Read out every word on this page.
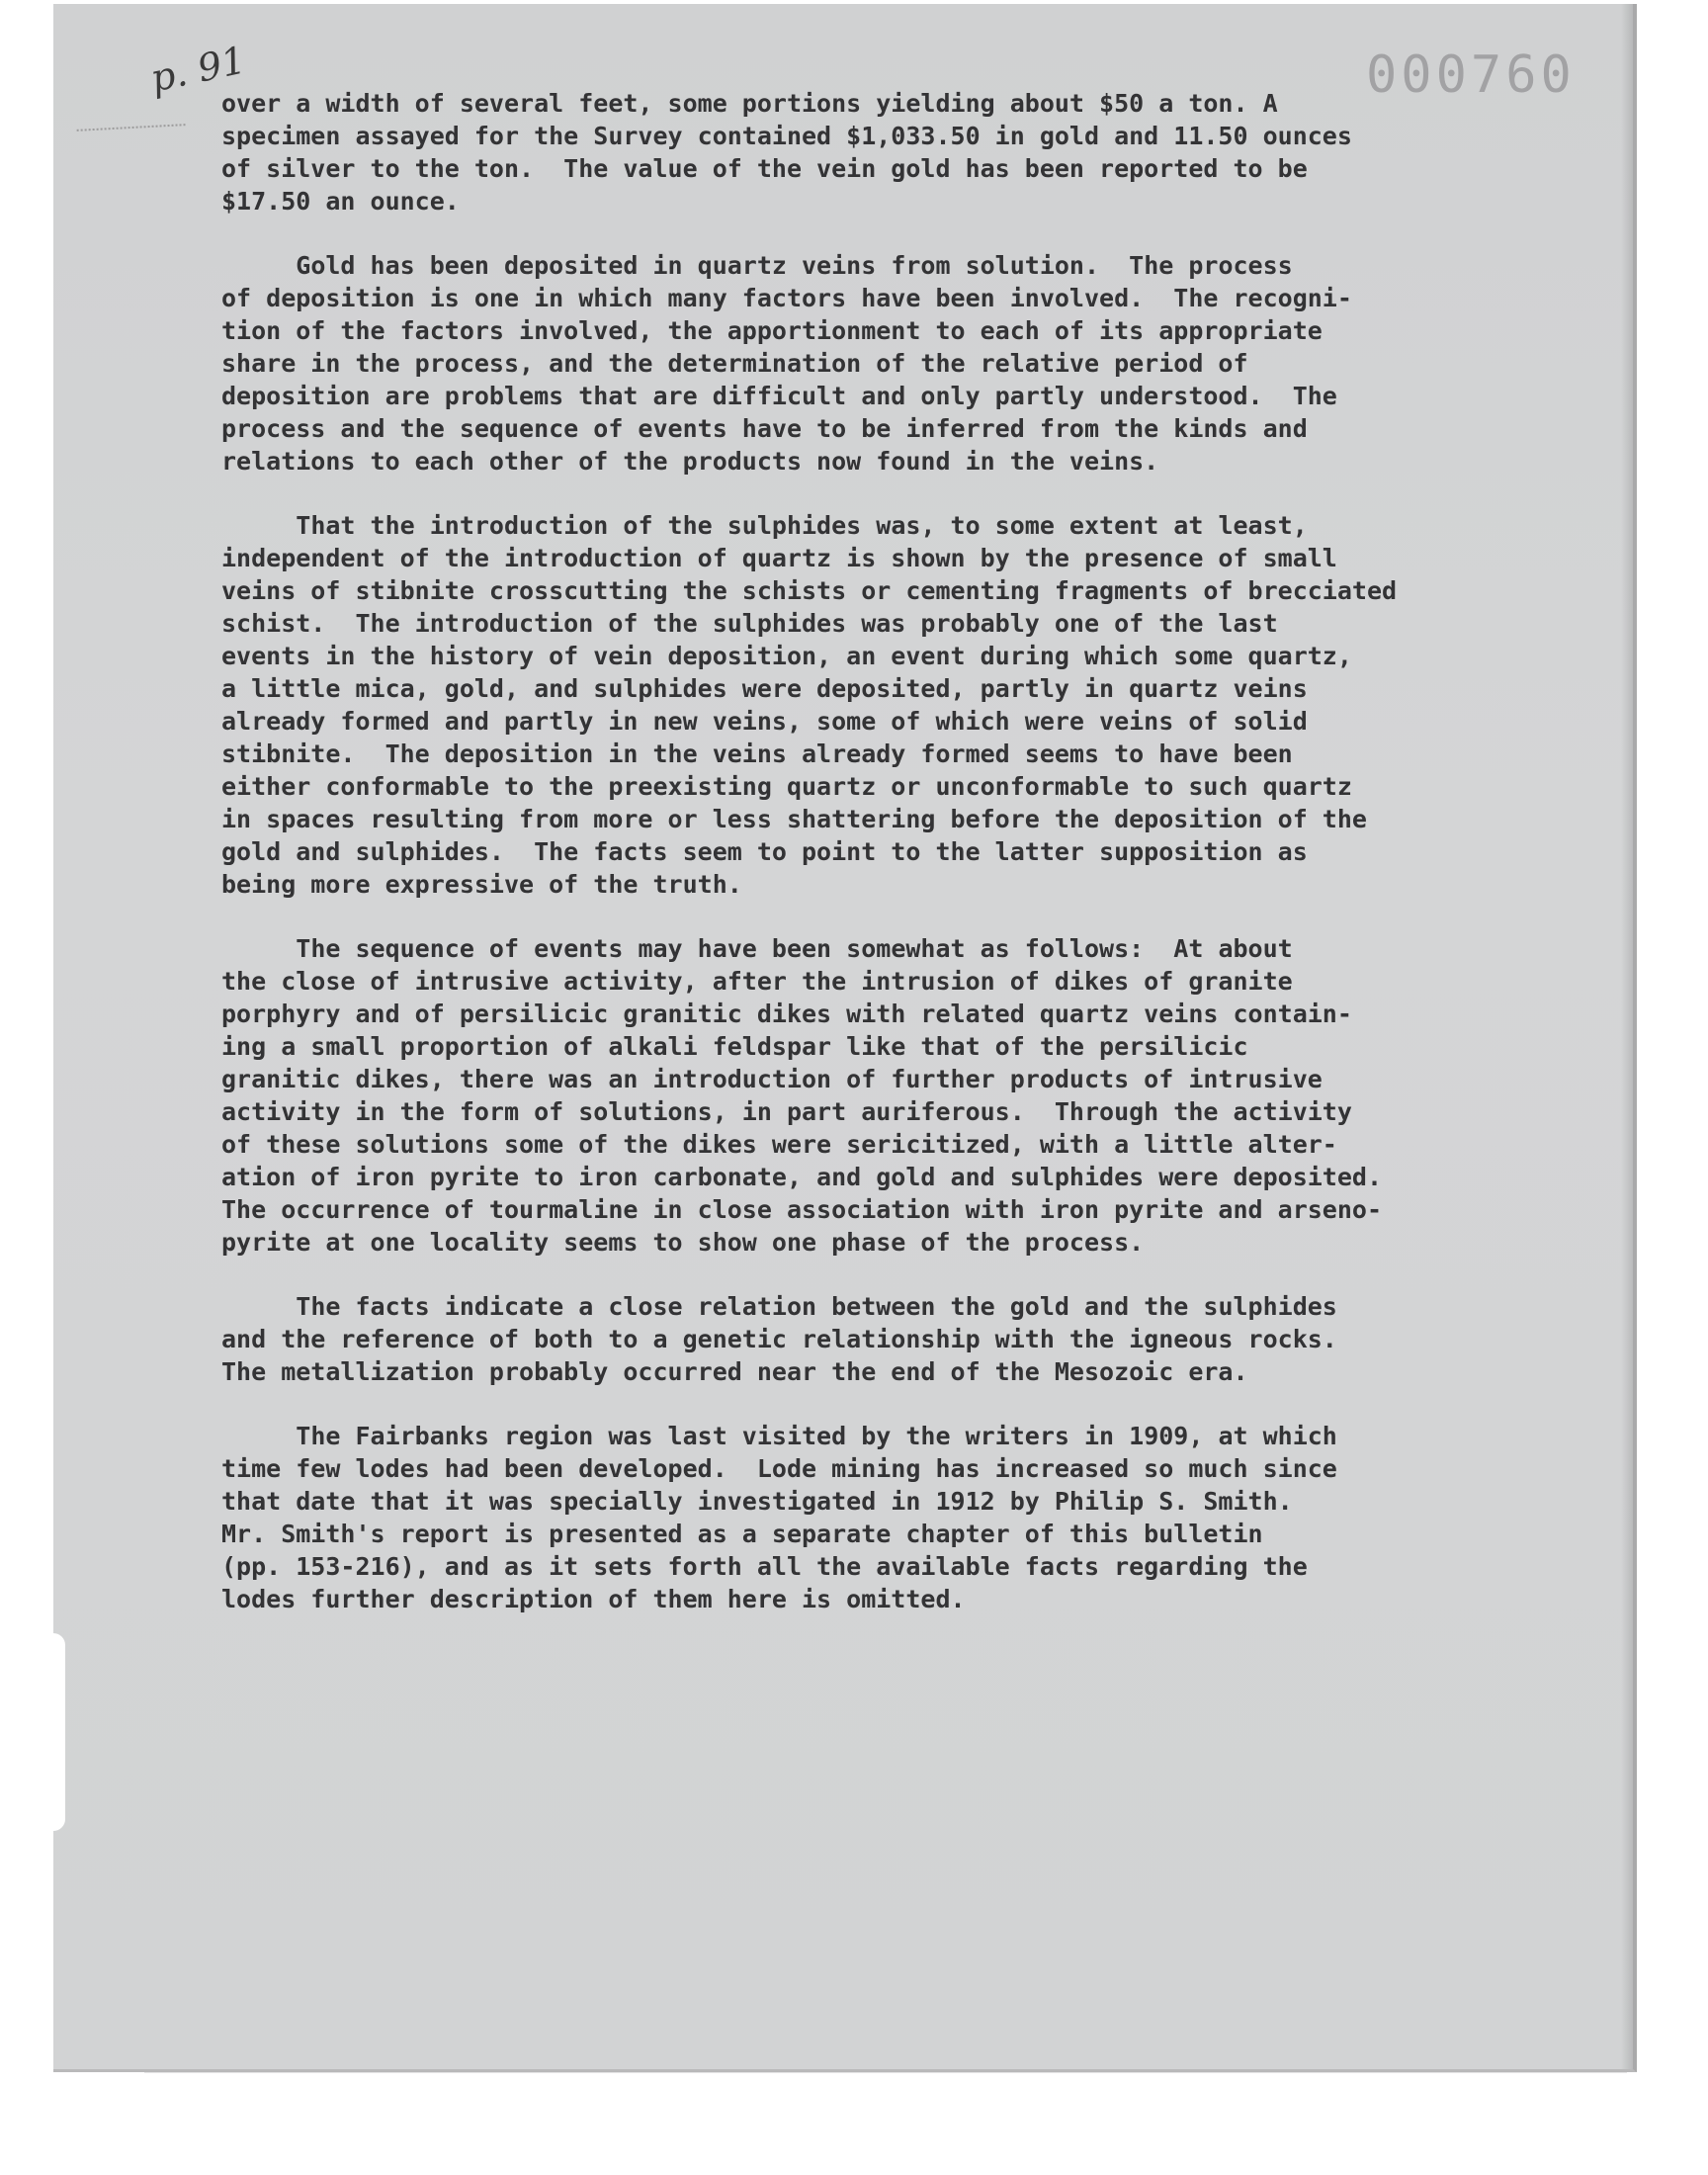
p. 91	000760

over a width of several feet, some portions yielding about $50 a ton. A
specimen assayed for the Survey contained $1,033.50 in gold and 11.50 ounces
of silver to the ton.  The value of the vein gold has been reported to be
$17.50 an ounce.

Gold has been deposited in quartz veins from solution.  The process
of deposition is one in which many factors have been involved.  The recogni-
tion of the factors involved, the apportionment to each of its appropriate
share in the process, and the determination of the relative period of
deposition are problems that are difficult and only partly understood.  The
process and the sequence of events have to be inferred from the kinds and
relations to each other of the products now found in the veins.

That the introduction of the sulphides was, to some extent at least,
independent of the introduction of quartz is shown by the presence of small
veins of stibnite crosscutting the schists or cementing fragments of brecciated
schist.  The introduction of the sulphides was probably one of the last
events in the history of vein deposition, an event during which some quartz,
a little mica, gold, and sulphides were deposited, partly in quartz veins
already formed and partly in new veins, some of which were veins of solid
stibnite.  The deposition in the veins already formed seems to have been
either conformable to the preexisting quartz or unconformable to such quartz
in spaces resulting from more or less shattering before the deposition of the
gold and sulphides.  The facts seem to point to the latter supposition as
being more expressive of the truth.

The sequence of events may have been somewhat as follows:  At about
the close of intrusive activity, after the intrusion of dikes of granite
porphyry and of persilicic granitic dikes with related quartz veins contain-
ing a small proportion of alkali feldspar like that of the persilicic
granitic dikes, there was an introduction of further products of intrusive
activity in the form of solutions, in part auriferous.  Through the activity
of these solutions some of the dikes were sericitized, with a little alter-
ation of iron pyrite to iron carbonate, and gold and sulphides were deposited.
The occurrence of tourmaline in close association with iron pyrite and arseno-
pyrite at one locality seems to show one phase of the process.

The facts indicate a close relation between the gold and the sulphides
and the reference of both to a genetic relationship with the igneous rocks.
The metallization probably occurred near the end of the Mesozoic era.

The Fairbanks region was last visited by the writers in 1909, at which
time few lodes had been developed.  Lode mining has increased so much since
that date that it was specially investigated in 1912 by Philip S. Smith.
Mr. Smith's report is presented as a separate chapter of this bulletin
(pp. 153-216), and as it sets forth all the available facts regarding the
lodes further description of them here is omitted.
